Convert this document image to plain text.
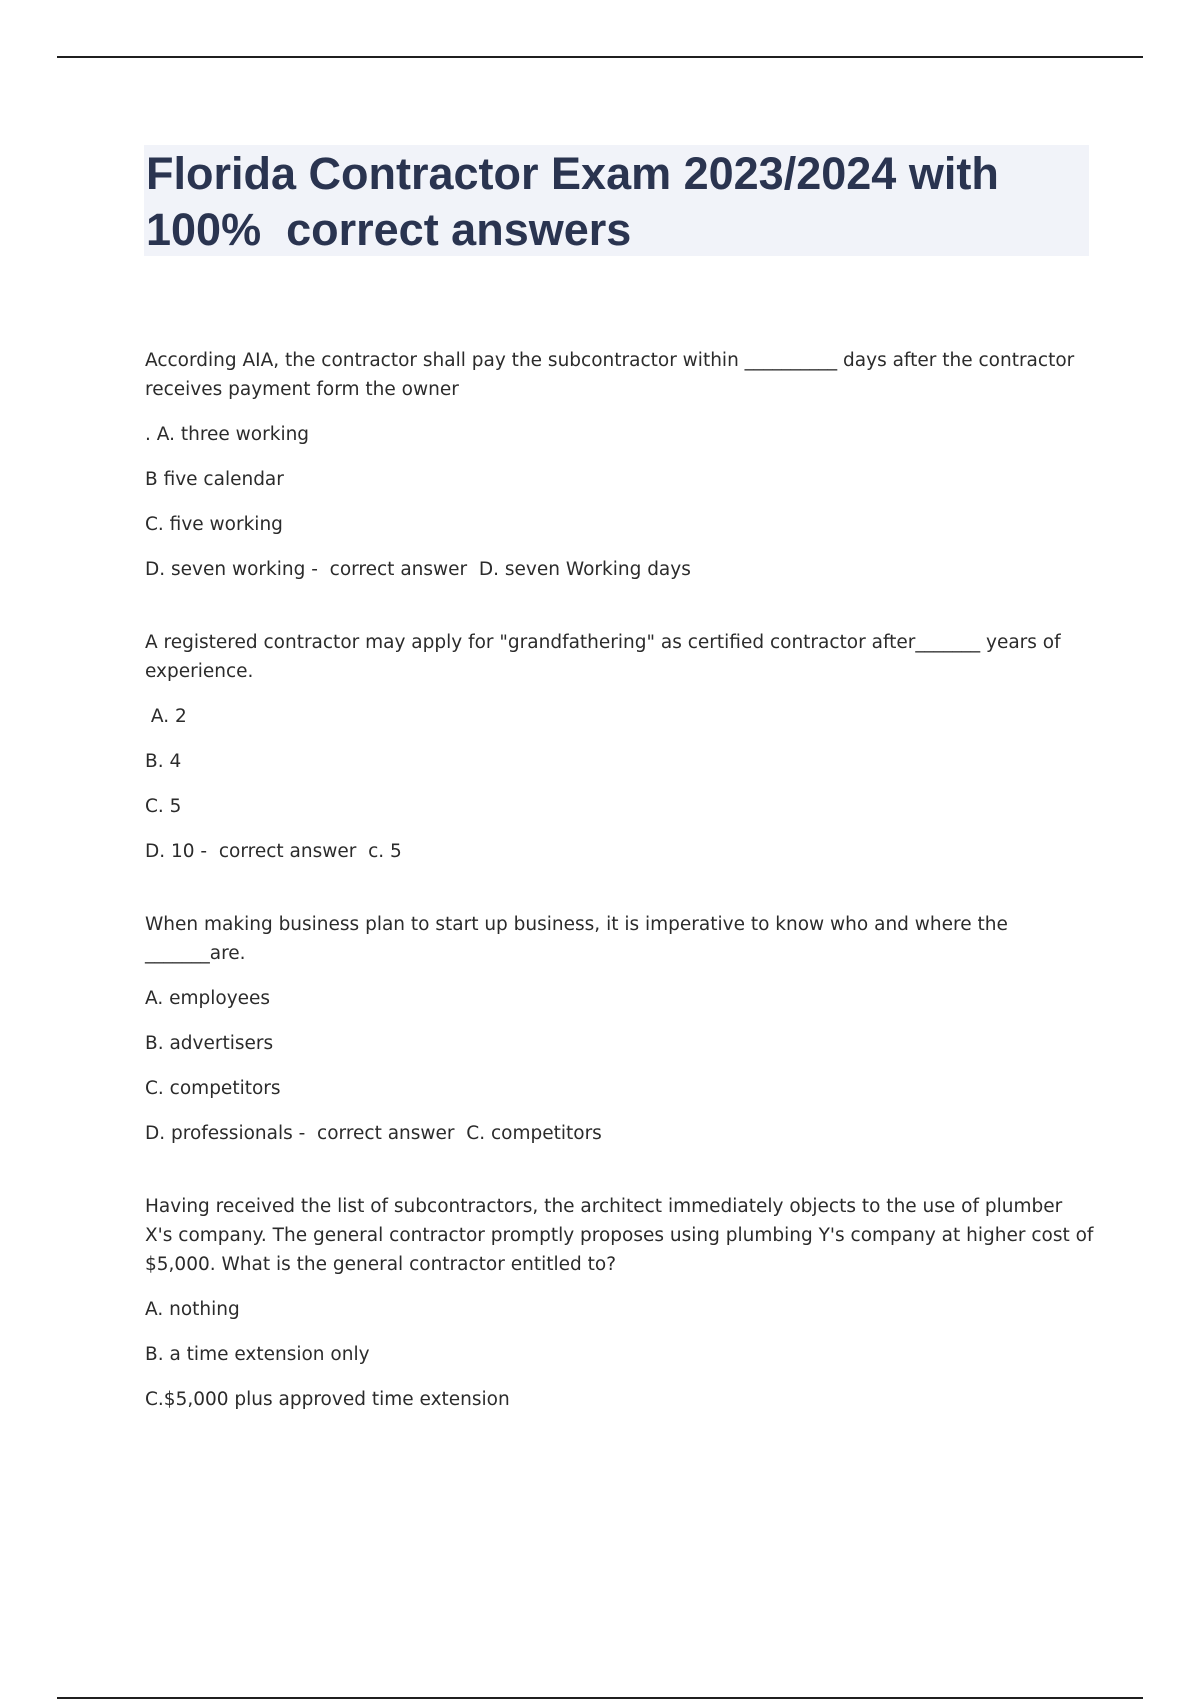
Florida Contractor Exam 2023/2024 with
100%  correct answers

According AIA, the contractor shall pay the subcontractor within __________ days after the contractor receives payment form the owner

. A. three working

B five calendar

C. five working

D. seven working -  correct answer  D. seven Working days

A registered contractor may apply for "grandfathering" as certified contractor after_______ years of experience.

A. 2

B. 4

C. 5

D. 10 -  correct answer  c. 5

When making business plan to start up business, it is imperative to know who and where the _______are.

A. employees

B. advertisers

C. competitors

D. professionals -  correct answer  C. competitors

Having received the list of subcontractors, the architect immediately objects to the use of plumber X's company. The general contractor promptly proposes using plumbing Y's company at higher cost of $5,000. What is the general contractor entitled to?

A. nothing

B. a time extension only

C.$5,000 plus approved time extension
